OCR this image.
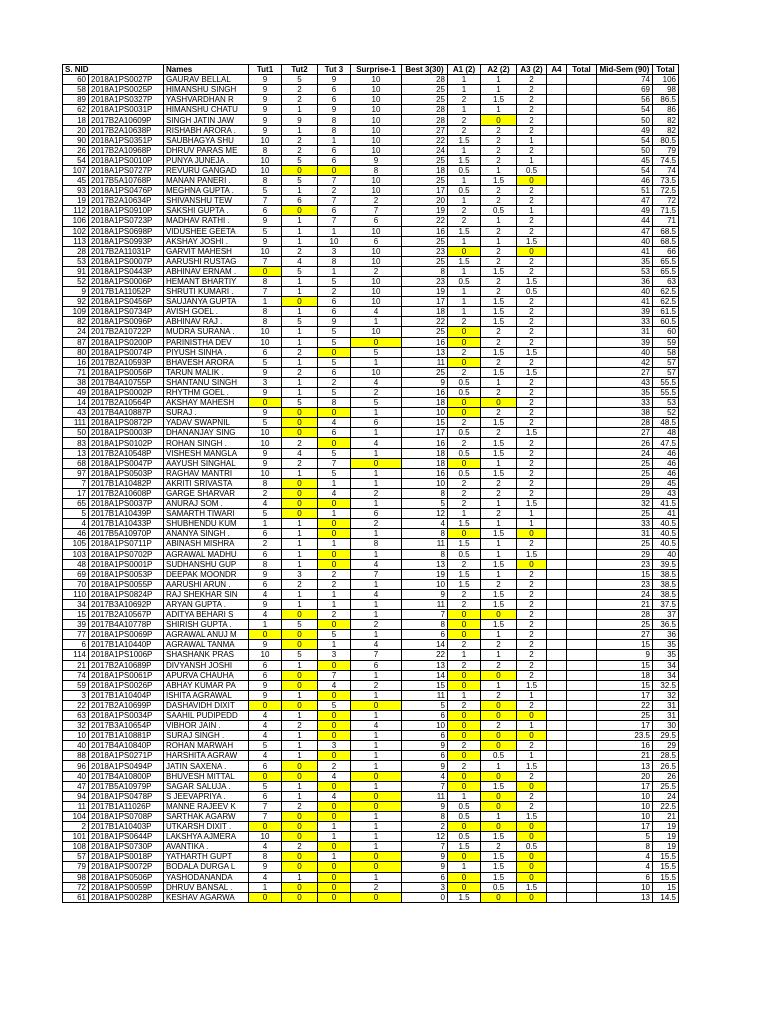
S. NID		Names	Tut1	Tut2	Tut 3	Surprise-1	Best 3(30)	A1 (2)	A2 (2)	A3 (2)	A4	Total	Mid-Sem (90)	Total
60	2018A1PS0027P	GAURAV BELLAL	9	5	9	10	28	1	1	2			74	106
58	2018A1PS0025P	HIMANSHU SINGH	9	2	6	10	25	1	1	2			69	98
89	2018A1PS0327P	YASHVARDHAN R	9	2	6	10	25	2	1.5	2			56	86.5
62	2018A1PS0031P	HIMANSHU CHATU	9	1	9	10	28	1	1	2			54	86
18	2017B2A10609P	SINGH JATIN JAW	9	9	8	10	28	2	0	2			50	82
20	2017B2A10638P	RISHABH ARORA .	9	1	8	10	27	2	2	2			49	82
90	2018A1PS0351P	SAUBHAGYA SHU	10	2	1	10	22	1.5	2	1			54	80.5
26	2017B2A10968P	DHRUV PARAS ME	8	2	6	10	24	1	2	2			50	79
54	2018A1PS0010P	PUNYA JUNEJA .	10	5	6	9	25	1.5	2	1			45	74.5
107	2018A1PS0727P	REVURU GANGAD	10	0	0	8	18	0.5	1	0.5			54	74
45	2017B5A10768P	MANAN PANERI .	8	5	7	10	25	1	1.5	0			46	73.5
93	2018A1PS0476P	MEGHNA GUPTA .	5	1	2	10	17	0.5	2	2			51	72.5
19	2017B2A10634P	SHIVANSHU TEW	7	6	7	2	20	1	2	2			47	72
112	2018A1PS0910P	SAKSHI GUPTA .	6	0	6	7	19	2	0.5	1			49	71.5
106	2018A1PS0723P	MADHAV RATHI .	9	1	7	6	22	2	1	2			44	71
102	2018A1PS0698P	VIDUSHEE GEETA	5	1	1	10	16	1.5	2	2			47	68.5
113	2018A1PS0993P	AKSHAY JOSHI .	9	1	10	6	25	1	1	1.5			40	68.5
28	2017B2A11031P	GARVIT MAHESH	10	2	3	10	23	0	2	0			41	66
53	2018A1PS0007P	AARUSHI RUSTAG	7	4	8	10	25	1.5	2	2			35	65.5
91	2018A1PS0443P	ABHINAV ERNAM .	0	5	1	2	8	1	1.5	2			53	65.5
52	2018A1PS0006P	HEMANT BHARTIY	8	1	5	10	23	0.5	2	1.5			36	63
9	2017B1A11052P	SHRUTI KUMARI .	7	1	2	10	19	1	2	0.5			40	62.5
92	2018A1PS0456P	SAUJANYA GUPTA	1	0	6	10	17	1	1.5	2			41	62.5
109	2018A1PS0734P	AVISH GOEL .	8	1	6	4	18	1	1.5	2			39	61.5
82	2018A1PS0096P	ABHINAV RAJ .	8	5	9	1	22	2	1.5	2			33	60.5
24	2017B2A10722P	MUDRA SURANA .	10	1	5	10	25	0	2	2			31	60
87	2018A1PS0200P	PARINISTHA DEV	10	1	5	0	16	0	2	2			39	59
80	2018A1PS0074P	PIYUSH SINHA .	6	2	0	5	13	2	1.5	1.5			40	58
16	2017B2A10593P	BHAVESH ARORA	5	1	5	1	11	0	2	2			42	57
71	2018A1PS0056P	TARUN MALIK .	9	2	6	10	25	2	1.5	1.5			27	57
38	2017B4A10755P	SHANTANU SINGH	3	1	2	4	9	0.5	1	2			43	55.5
49	2018A1PS0002P	RHYTHM GOEL .	9	1	5	2	16	0.5	2	2			35	55.5
14	2017B2A10564P	AKSHAY MAHESH	0	5	8	5	18	0	0	2			33	53
43	2017B4A10887P	SURAJ .	9	0	0	1	10	0	2	2			38	52
111	2018A1PS0872P	YADAV SWAPNIL	5	0	4	6	15	2	1.5	2			28	48.5
50	2018A1PS0003P	DHANANJAY SING	10	0	6	1	17	0.5	2	1.5			27	48
83	2018A1PS0102P	ROHAN SINGH .	10	2	0	4	16	2	1.5	2			26	47.5
13	2017B2A10548P	VISHESH MANGLA	9	4	5	1	18	0.5	1.5	2			24	46
68	2018A1PS0047P	AAYUSH SINGHAL	9	2	7	0	18	0	1	2			25	46
97	2018A1PS0503P	RAGHAV MANTRI	10	1	5	1	16	0.5	1.5	2			25	46
7	2017B1A10482P	AKRITI SRIVASTA	8	0	1	1	10	2	2	2			29	45
17	2017B2A10608P	GARGE SHARVAR	2	0	4	2	8	2	2	2			29	43
65	2018A1PS0037P	ANURAJ SOM .	4	0	0	1	5	2	1	1.5			32	41.5
5	2017B1A10439P	SAMARTH TIWARI	5	0	1	6	12	1	2	1			25	41
4	2017B1A10433P	SHUBHENDU KUM	1	1	0	2	4	1.5	1	1			33	40.5
46	2017B5A10970P	ANANYA SINGH .	6	1	0	1	8	0	1.5	0			31	40.5
105	2018A1PS0711P	ABINASH MISHRA	2	1	1	8	11	1.5	1	2			25	40.5
103	2018A1PS0702P	AGRAWAL MADHU	6	1	0	1	8	0.5	1	1.5			29	40
48	2018A1PS0001P	SUDHANSHU GUP	8	1	0	4	13	2	1.5	0			23	39.5
69	2018A1PS0053P	DEEPAK MOONDR	9	3	2	7	19	1.5	1	2			15	38.5
70	2018A1PS0055P	AARUSHI ARUN .	6	2	2	1	10	1.5	2	2			23	38.5
110	2018A1PS0824P	RAJ SHEKHAR SIN	4	1	1	4	9	2	1.5	2			24	38.5
34	2017B3A10692P	ARYAN GUPTA .	9	1	1	1	11	2	1.5	2			21	37.5
15	2017B2A10567P	ADITYA BEHARI S	4	0	2	1	7	0	0	2			28	37
39	2017B4A10778P	SHIRISH GUPTA .	1	5	0	2	8	0	1.5	2			25	36.5
77	2018A1PS0069P	AGRAWAL ANUJ M	0	0	5	1	6	0	1	2			27	36
6	2017B1A10440P	AGRAWAL TANMA	9	0	1	4	14	2	2	2			15	35
114	2018A1PS1006P	SHASHANK PRAS	10	5	3	7	22	1	1	2			9	35
21	2017B2A10689P	DIVYANSH JOSHI	6	1	0	6	13	2	2	2			15	34
74	2018A1PS0061P	APURVA CHAUHA	6	0	7	1	14	0	0	2			18	34
59	2018A1PS0026P	ABHAY KUMAR PA	9	0	4	2	15	0	1	1.5			15	32.5
3	2017B1A10404P	ISHITA AGRAWAL	9	1	0	1	11	1	2	1			17	32
22	2017B2A10699P	DASHAVIDH DIXIT	0	0	5	0	5	2	0	2			22	31
63	2018A1PS0034P	SAAHIL PUDIPEDD	4	1	0	1	6	0	0	0			25	31
32	2017B3A10654P	VIBHOR JAIN .	4	2	0	4	10	0	2	1			17	30
10	2017B1A10881P	SURAJ SINGH .	4	1	0	1	6	0	0	0			23.5	29.5
40	2017B4A10840P	ROHAN MARWAH	5	1	3	1	9	2	0	2			16	29
88	2018A1PS0271P	HARSHITA AGRAW	4	1	0	1	6	0	0.5	1			21	28.5
96	2018A1PS0494P	JATIN SAXENA .	6	0	2	1	9	2	1	1.5			13	26.5
40	2017B4A10800P	BHUVESH MITTAL	0	0	4	0	4	0	0	2			20	26
47	2017B5A10979P	SAGAR SALUJA .	5	1	0	1	7	0	1.5	0			17	25.5
94	2018A1PS0478P	S JEEVAPRIYA .	6	1	4	0	11	1	0	2			10	24
11	2017B1A11026P	MANNE RAJEEV K	7	2	0	0	9	0.5	0	2			10	22.5
104	2018A1PS0708P	SARTHAK AGARW	7	0	0	1	8	0.5	1	1.5			10	21
2	2017B1A10403P	UTKARSH DIXIT .	0	0	1	1	2	0	0	0			17	19
101	2018A1PS0644P	LAKSHYA AJMERA	10	0	1	1	12	0.5	1.5	0			5	19
108	2018A1PS0730P	AVANTIKA .	4	2	0	1	7	1.5	2	0.5			8	19
57	2018A1PS0018P	YATHARTH GUPT	8	0	1	0	9	0	1.5	0			4	15.5
79	2018A1PS0072P	BODALA DURGA L	9	0	0	0	9	1	1.5	0			4	15.5
98	2018A1PS0506P	YASHODANANDA	4	1	0	1	6	0	1.5	0			6	15.5
72	2018A1PS0059P	DHRUV BANSAL .	1	0	0	2	3	0	0.5	1.5			10	15
61	2018A1PS0028P	KESHAV AGARWA	0	0	0	0	0	1.5	0	0			13	14.5
